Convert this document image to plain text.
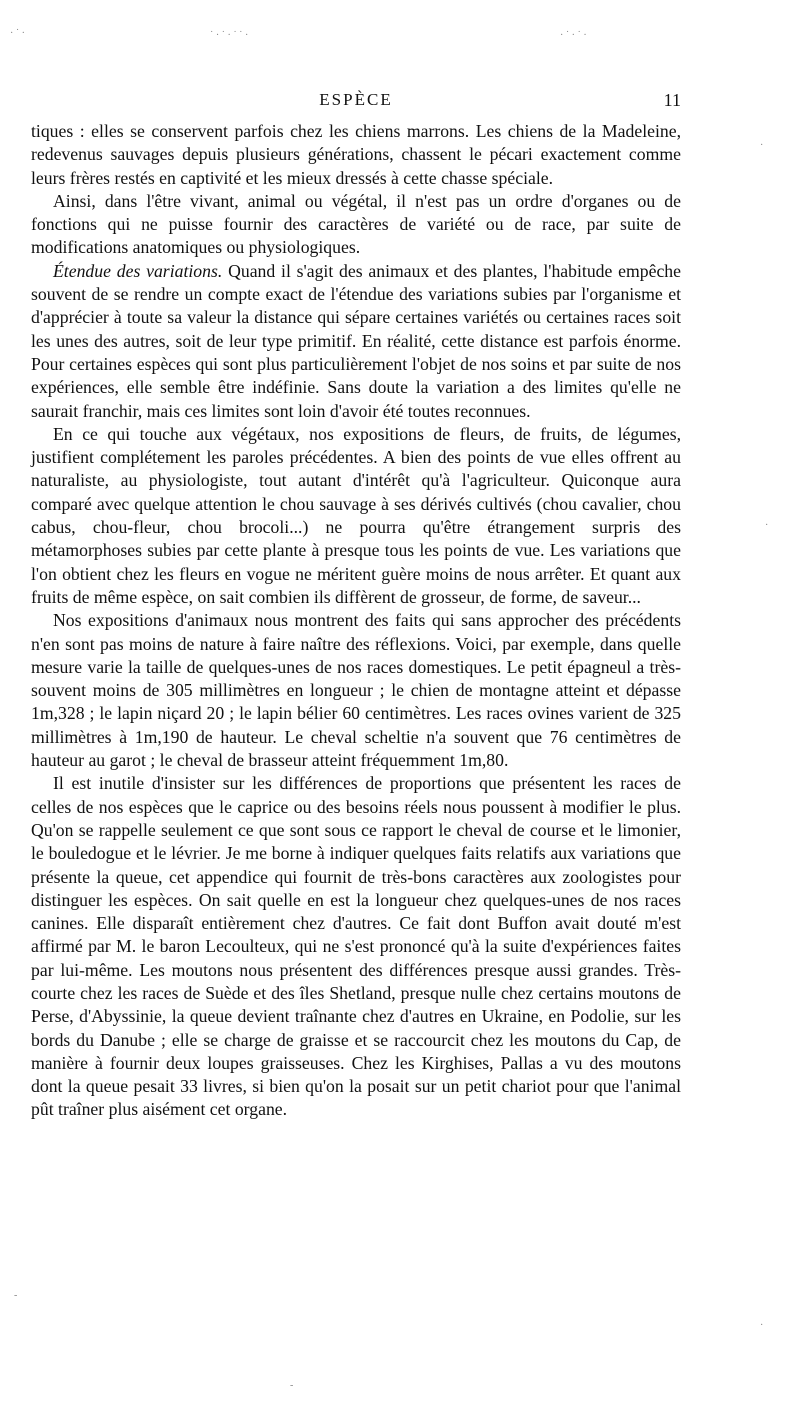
ESPÈCE	11

tiques : elles se conservent parfois chez les chiens marrons. Les chiens de la Madeleine, redevenus sauvages depuis plusieurs générations, chassent le pécari exactement comme leurs frères restés en captivité et les mieux dressés à cette chasse spéciale.

Ainsi, dans l'être vivant, animal ou végétal, il n'est pas un ordre d'organes ou de fonctions qui ne puisse fournir des caractères de variété ou de race, par suite de modifications anatomiques ou physiologiques.

Étendue des variations. Quand il s'agit des animaux et des plantes, l'habitude empêche souvent de se rendre un compte exact de l'étendue des variations subies par l'organisme et d'apprécier à toute sa valeur la distance qui sépare certaines variétés ou certaines races soit les unes des autres, soit de leur type primitif. En réalité, cette distance est parfois énorme. Pour certaines espèces qui sont plus particulièrement l'objet de nos soins et par suite de nos expériences, elle semble être indéfinie. Sans doute la variation a des limites qu'elle ne saurait franchir, mais ces limites sont loin d'avoir été toutes reconnues.

En ce qui touche aux végétaux, nos expositions de fleurs, de fruits, de légumes, justifient complétement les paroles précédentes. A bien des points de vue elles offrent au naturaliste, au physiologiste, tout autant d'intérêt qu'à l'agriculteur. Quiconque aura comparé avec quelque attention le chou sauvage à ses dérivés cultivés (chou cavalier, chou cabus, chou-fleur, chou brocoli...) ne pourra qu'être étrangement surpris des métamorphoses subies par cette plante à presque tous les points de vue. Les variations que l'on obtient chez les fleurs en vogue ne méritent guère moins de nous arrêter. Et quant aux fruits de même espèce, on sait combien ils diffèrent de grosseur, de forme, de saveur...

Nos expositions d'animaux nous montrent des faits qui sans approcher des précédents n'en sont pas moins de nature à faire naître des réflexions. Voici, par exemple, dans quelle mesure varie la taille de quelques-unes de nos races domestiques. Le petit épagneul a très-souvent moins de 305 millimètres en longueur ; le chien de montagne atteint et dépasse 1m,328 ; le lapin niçard 20 ; le lapin bélier 60 centimètres. Les races ovines varient de 325 millimètres à 1m,190 de hauteur. Le cheval scheltie n'a souvent que 76 centimètres de hauteur au garot ; le cheval de brasseur atteint fréquemment 1m,80.

Il est inutile d'insister sur les différences de proportions que présentent les races de celles de nos espèces que le caprice ou des besoins réels nous poussent à modifier le plus. Qu'on se rappelle seulement ce que sont sous ce rapport le cheval de course et le limonier, le bouledogue et le lévrier. Je me borne à indiquer quelques faits relatifs aux variations que présente la queue, cet appendice qui fournit de très-bons caractères aux zoologistes pour distinguer les espèces. On sait quelle en est la longueur chez quelques-unes de nos races canines. Elle disparaît entièrement chez d'autres. Ce fait dont Buffon avait douté m'est affirmé par M. le baron Lecoulteux, qui ne s'est prononcé qu'à la suite d'expériences faites par lui-même. Les moutons nous présentent des différences presque aussi grandes. Très-courte chez les races de Suède et des îles Shetland, presque nulle chez certains moutons de Perse, d'Abyssinie, la queue devient traînante chez d'autres en Ukraine, en Podolie, sur les bords du Danube ; elle se charge de graisse et se raccourcit chez les moutons du Cap, de manière à fournir deux loupes graisseuses. Chez les Kirghises, Pallas a vu des moutons dont la queue pesait 33 livres, si bien qu'on la posait sur un petit chariot pour que l'animal pût traîner plus aisément cet organe.

· ˙ ·	˙ · ˙ · ˙ ˙ ·	· ˙ · ˙ ·
·
·
-
·
-
